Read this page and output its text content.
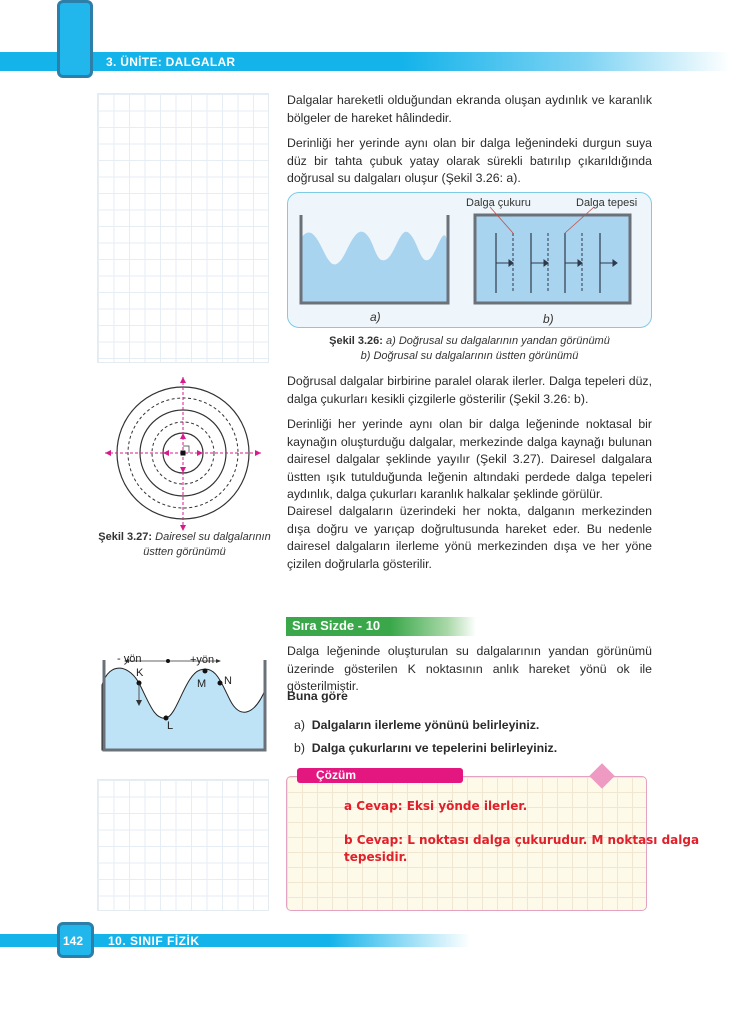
3. ÜNİTE: DALGALAR
Dalgalar hareketli olduğundan ekranda oluşan aydınlık ve karanlık bölgeler de hareket hâlindedir.
Derinliği her yerinde aynı olan bir dalga leğenindeki durgun suya düz bir tahta çubuk yatay olarak sürekli batırılıp çıkarıldığında doğrusal su dalgaları oluşur (Şekil 3.26: a).
a)
Dalga çukuru	Dalga tepesi
b)
Şekil 3.26: a) Doğrusal su dalgalarının yandan görünümü
b) Doğrusal su dalgalarının üstten görünümü
Şekil 3.27: Dairesel su dalgalarının
üstten görünümü
Doğrusal dalgalar birbirine paralel olarak ilerler. Dalga tepeleri düz, dalga çukurları kesikli çizgilerle gösterilir (Şekil 3.26: b).
Derinliği her yerinde aynı olan bir dalga leğeninde noktasal bir kaynağın oluşturduğu dalgalar, merkezinde dalga kaynağı bulunan dairesel dalgalar şeklinde yayılır (Şekil 3.27). Dairesel dalgalara üstten ışık tutulduğunda leğenin altındaki perdede dalga tepeleri aydınlık, dalga çukurları karanlık halkalar şeklinde görülür.
Dairesel dalgaların üzerindeki her nokta, dalganın merkezinden dışa doğru ve yarıçap doğrultusunda hareket eder. Bu nedenle dairesel dalgaların ilerleme yönü merkezinden dışa ve her yöne çizilen doğrularla gösterilir.
Sıra Sizde - 10
Dalga leğeninde oluşturulan su dalgalarının yandan görünümü üzerinde gösterilen K noktasının anlık hareket yönü ok ile gösterilmiştir.
Buna göre
a) Dalgaların ilerleme yönünü belirleyiniz.
b) Dalga çukurlarını ve tepelerini belirleyiniz.
- yön	+yön
K
L
M N
Çözüm
a Cevap: Eksi yönde ilerler.
b Cevap: L noktası dalga çukurudur. M noktası dalga
tepesidir.
142 10. SINIF FİZİK
